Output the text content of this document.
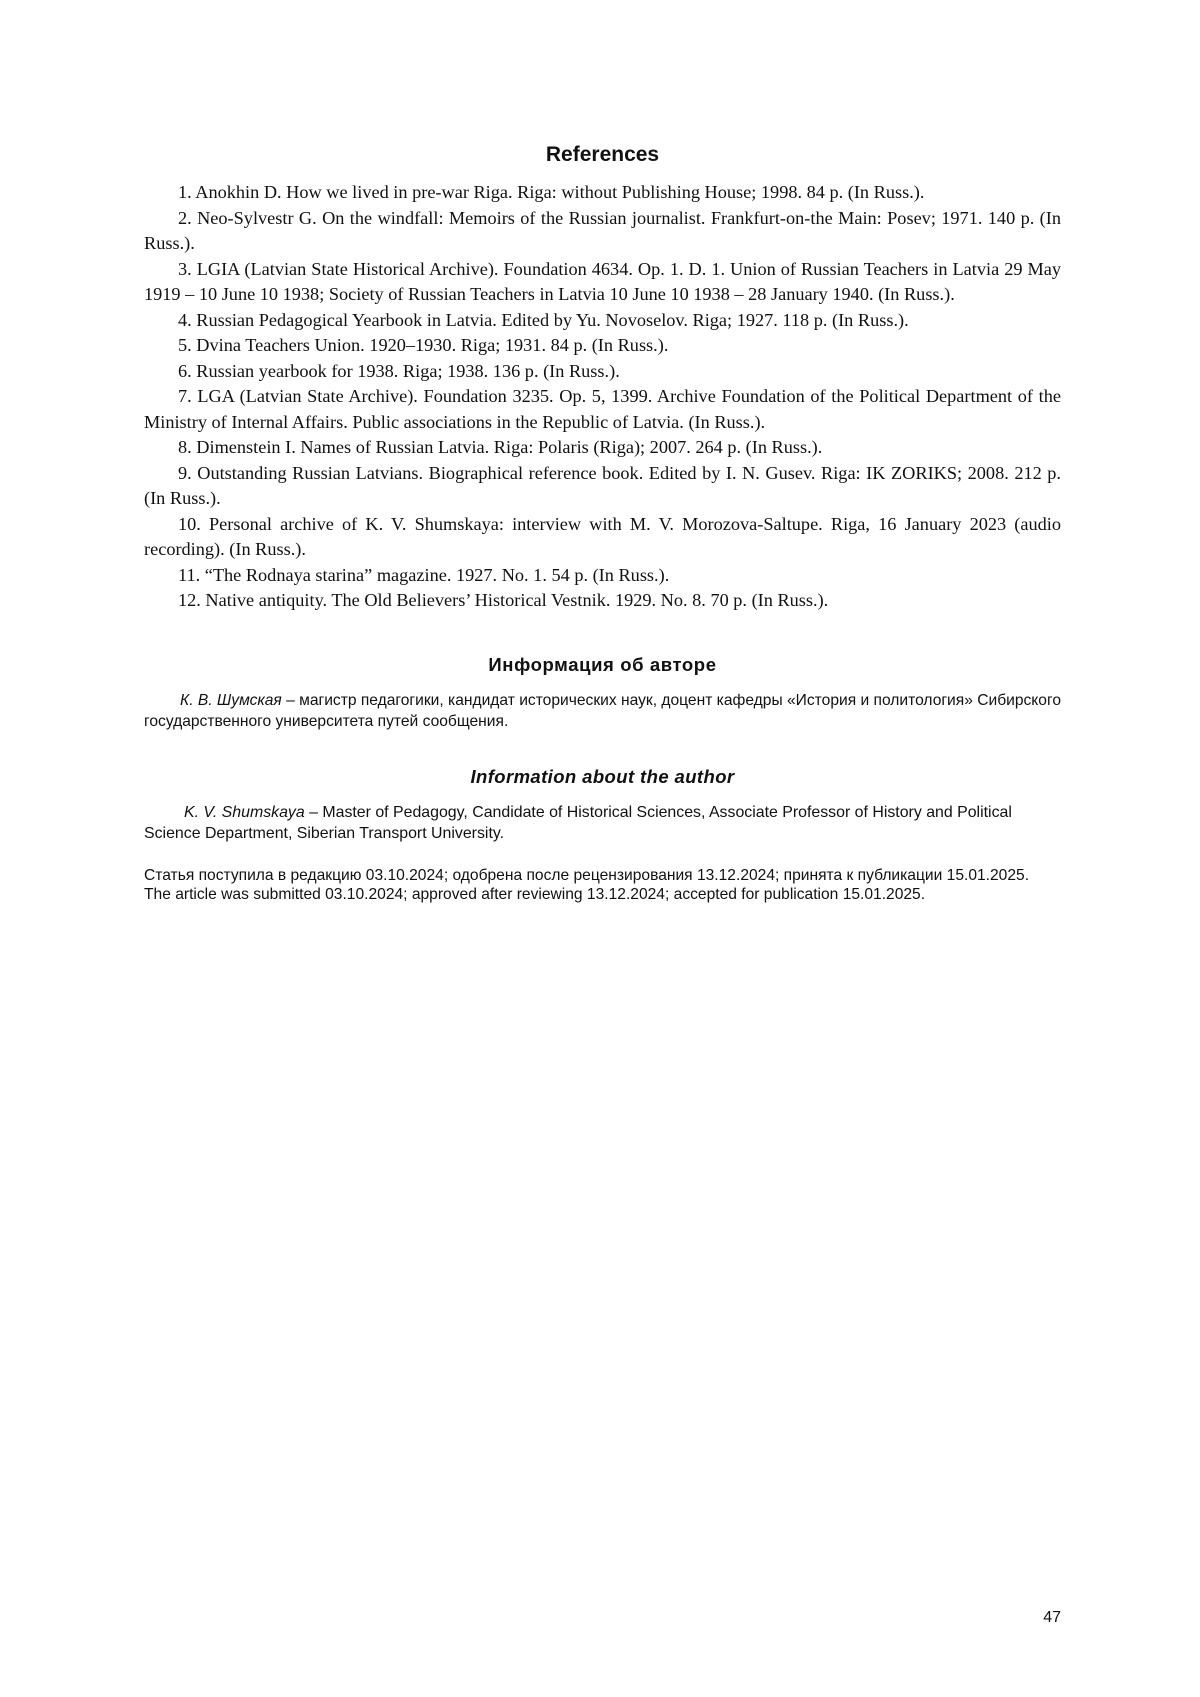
References
1. Anokhin D. How we lived in pre-war Riga. Riga: without Publishing House; 1998. 84 p. (In Russ.).
2. Neo-Sylvestr G. On the windfall: Memoirs of the Russian journalist. Frankfurt-on-the Main: Posev; 1971. 140 p. (In Russ.).
3. LGIA (Latvian State Historical Archive). Foundation 4634. Op. 1. D. 1. Union of Russian Teachers in Latvia 29 May 1919 – 10 June 10 1938; Society of Russian Teachers in Latvia 10 June 10 1938 – 28 January 1940. (In Russ.).
4. Russian Pedagogical Yearbook in Latvia. Edited by Yu. Novoselov. Riga; 1927. 118 p. (In Russ.).
5. Dvina Teachers Union. 1920–1930. Riga; 1931. 84 p. (In Russ.).
6. Russian yearbook for 1938. Riga; 1938. 136 p. (In Russ.).
7. LGA (Latvian State Archive). Foundation 3235. Op. 5, 1399. Archive Foundation of the Political Department of the Ministry of Internal Affairs. Public associations in the Republic of Latvia. (In Russ.).
8. Dimenstein I. Names of Russian Latvia. Riga: Polaris (Riga); 2007. 264 p. (In Russ.).
9. Outstanding Russian Latvians. Biographical reference book. Edited by I. N. Gusev. Riga: IK ZORIKS; 2008. 212 p. (In Russ.).
10. Personal archive of K. V. Shumskaya: interview with M. V. Morozova-Saltupe. Riga, 16 January 2023 (audio recording). (In Russ.).
11. “The Rodnaya starina” magazine. 1927. No. 1. 54 p. (In Russ.).
12. Native antiquity. The Old Believers’ Historical Vestnik. 1929. No. 8. 70 p. (In Russ.).
Информация об авторе

К. В. Шумская – магистр педагогики, кандидат исторических наук, доцент кафедры «История и политология» Сибирского государственного университета путей сообщения.

Information about the author

K. V. Shumskaya – Master of Pedagogy, Candidate of Historical Sciences, Associate Professor of History and Political Science Department, Siberian Transport University.

Статья поступила в редакцию 03.10.2024; одобрена после рецензирования 13.12.2024; принята к публикации 15.01.2025.

The article was submitted 03.10.2024; approved after reviewing 13.12.2024; accepted for publication 15.01.2025.

47
